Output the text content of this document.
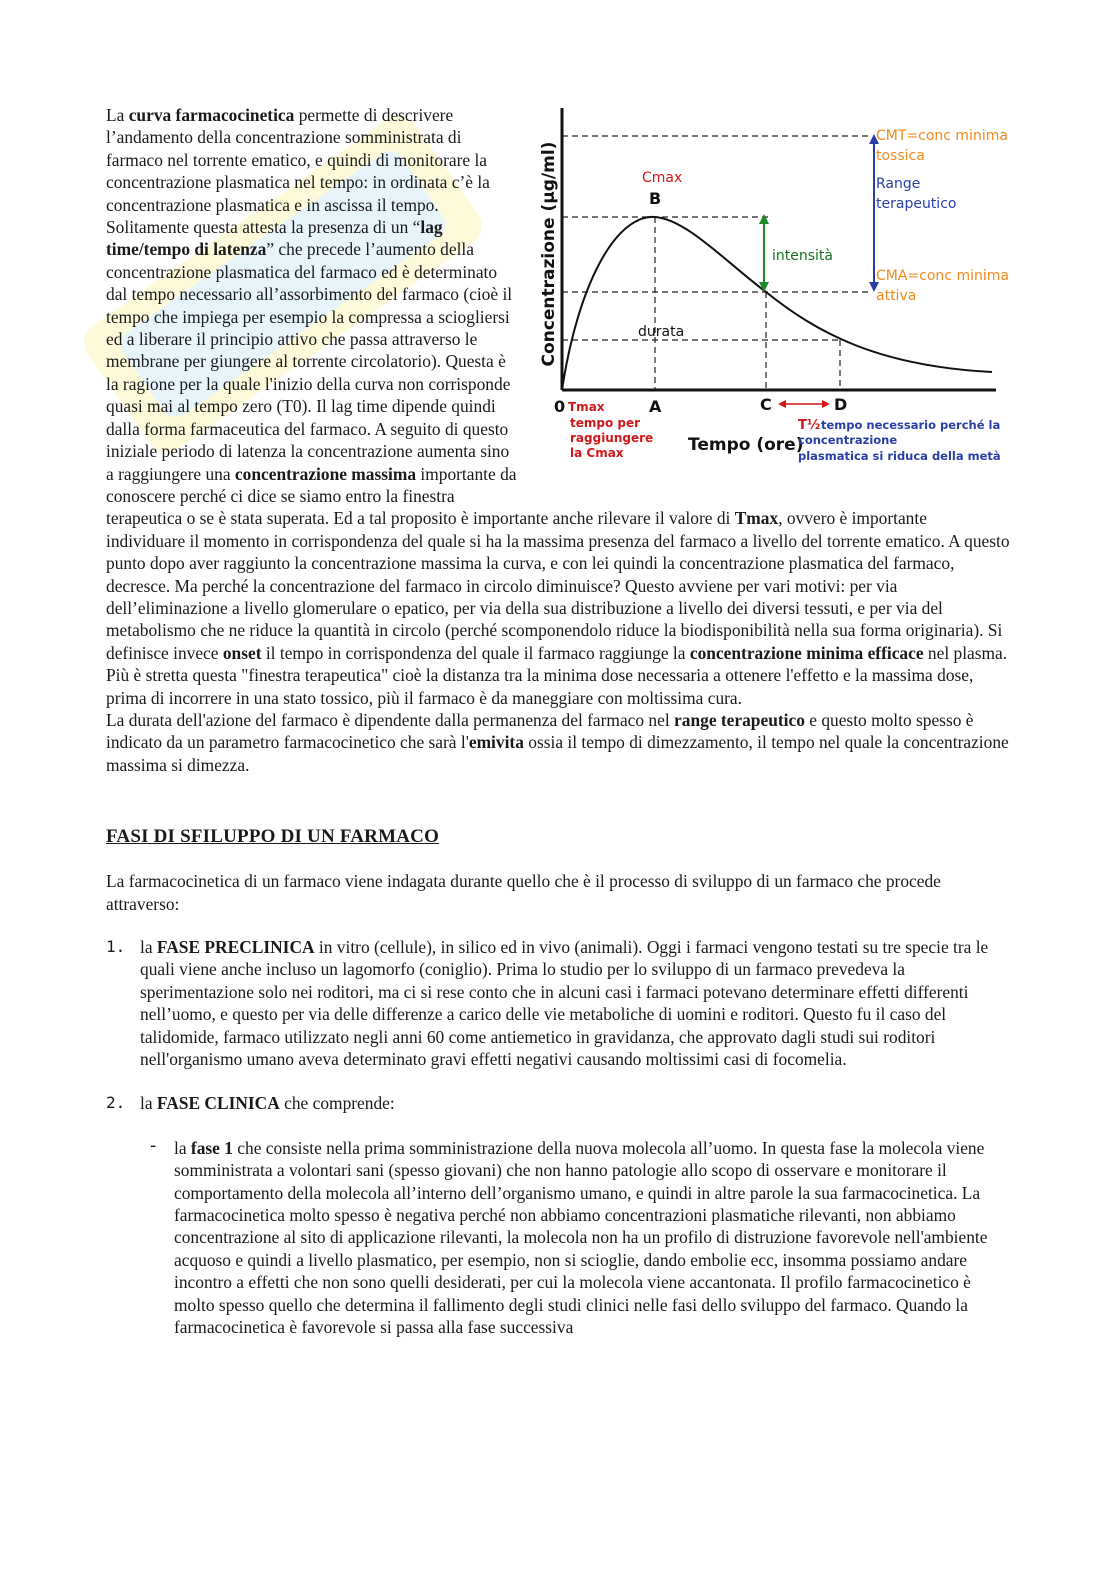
Concentrazione (µg/ml)	intensità
CMT=conc minima
tossica
Range
terapeutico
CMA=conc minima
attiva
Cmax
B
durata
0	A	C	D
Tmax
tempo per
raggiungere
la Cmax	Tempo (ore)
T½ tempo necessario perché la
concentrazione
plasmatica si riduca della metà
La curva farmacocinetica permette di descrivere l’andamento della concentrazione somministrata di farmaco nel torrente ematico, e quindi di monitorare la concentrazione plasmatica nel tempo: in ordinata c’è la concentrazione plasmatica e in ascissa il tempo. Solitamente questa attesta la presenza di un “lag time/tempo di latenza” che precede l’aumento della concentrazione plasmatica del farmaco ed è determinato dal tempo necessario all’assorbimento del farmaco (cioè il tempo che impiega per esempio la compressa a sciogliersi ed a liberare il principio attivo che passa attraverso le membrane per giungere al torrente circolatorio). Questa è la ragione per la quale l'inizio della curva non corrisponde quasi mai al tempo zero (T0). Il lag time dipende quindi dalla forma farmaceutica del farmaco. A seguito di questo iniziale periodo di latenza la concentrazione aumenta sino a raggiungere una concentrazione massima importante da conoscere perché ci dice se siamo entro la finestra terapeutica o se è stata superata. Ed a tal proposito è importante anche rilevare il valore di Tmax, ovvero è importante individuare il momento in corrispondenza del quale si ha la massima presenza del farmaco a livello del torrente ematico. A questo punto dopo aver raggiunto la concentrazione massima la curva, e con lei quindi la concentrazione plasmatica del farmaco, decresce. Ma perché la concentrazione del farmaco in circolo diminuisce? Questo avviene per vari motivi: per via dell’eliminazione a livello glomerulare o epatico, per via della sua distribuzione a livello dei diversi tessuti, e per via del metabolismo che ne riduce la quantità in circolo (perché scomponendolo riduce la biodisponibilità nella sua forma originaria). Si definisce invece onset il tempo in corrispondenza del quale il farmaco raggiunge la concentrazione minima efficace nel plasma. Più è stretta questa "finestra terapeutica" cioè la distanza tra la minima dose necessaria a ottenere l'effetto e la massima dose, prima di incorrere in una stato tossico, più il farmaco è da maneggiare con moltissima cura.
La durata dell'azione del farmaco è dipendente dalla permanenza del farmaco nel range terapeutico e questo molto spesso è indicato da un parametro farmacocinetico che sarà l'emivita ossia il tempo di dimezzamento, il tempo nel quale la concentrazione massima si dimezza.
FASI DI SFILUPPO DI UN FARMACO
La farmacocinetica di un farmaco viene indagata durante quello che è il processo di sviluppo di un farmaco che procede attraverso:
1. la FASE PRECLINICA in vitro (cellule), in silico ed in vivo (animali). Oggi i farmaci vengono testati su tre specie tra le quali viene anche incluso un lagomorfo (coniglio). Prima lo studio per lo sviluppo di un farmaco prevedeva la sperimentazione solo nei roditori, ma ci si rese conto che in alcuni casi i farmaci potevano determinare effetti differenti nell’uomo, e questo per via delle differenze a carico delle vie metaboliche di uomini e roditori. Questo fu il caso del talidomide, farmaco utilizzato negli anni 60 come antiemetico in gravidanza, che approvato dagli studi sui roditori nell'organismo umano aveva determinato gravi effetti negativi causando moltissimi casi di focomelia.
2. la FASE CLINICA che comprende:
- la fase 1 che consiste nella prima somministrazione della nuova molecola all’uomo. In questa fase la molecola viene somministrata a volontari sani (spesso giovani) che non hanno patologie allo scopo di osservare e monitorare il comportamento della molecola all’interno dell’organismo umano, e quindi in altre parole la sua farmacocinetica. La farmacocinetica molto spesso è negativa perché non abbiamo concentrazioni plasmatiche rilevanti, non abbiamo concentrazione al sito di applicazione rilevanti, la molecola non ha un profilo di distruzione favorevole nell'ambiente acquoso e quindi a livello plasmatico, per esempio, non si scioglie, dando embolie ecc, insomma possiamo andare incontro a effetti che non sono quelli desiderati, per cui la molecola viene accantonata. Il profilo farmacocinetico è molto spesso quello che determina il fallimento degli studi clinici nelle fasi dello sviluppo del farmaco. Quando la farmacocinetica è favorevole si passa alla fase successiva
